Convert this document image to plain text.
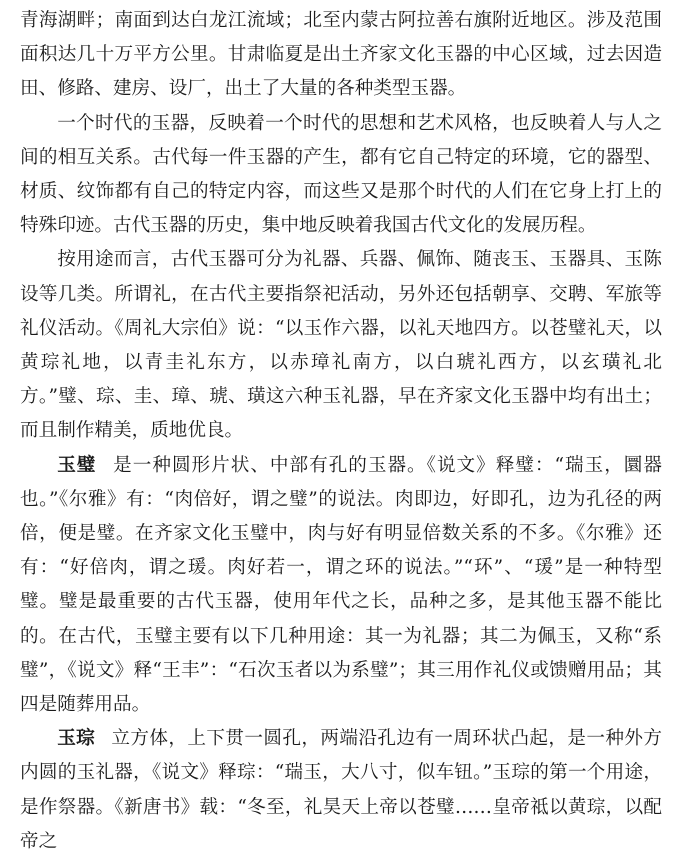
青海湖畔；南面到达白龙江流域；北至内蒙古阿拉善右旗附近地区。涉及范围面积达几十万平方公里。甘肃临夏是出土齐家文化玉器的中心区域，过去因造田、修路、建房、设厂，出土了大量的各种类型玉器。

一个时代的玉器，反映着一个时代的思想和艺术风格，也反映着人与人之间的相互关系。古代每一件玉器的产生，都有它自己特定的环境，它的器型、材质、纹饰都有自己的特定内容，而这些又是那个时代的人们在它身上打上的特殊印迹。古代玉器的历史，集中地反映着我国古代文化的发展历程。

按用途而言，古代玉器可分为礼器、兵器、佩饰、随丧玉、玉器具、玉陈设等几类。所谓礼，在古代主要指祭祀活动，另外还包括朝享、交聘、军旅等礼仪活动。《周礼大宗伯》说：“以玉作六器，以礼天地四方。以苍璧礼天，以黄琮礼地，以青圭礼东方，以赤璋礼南方，以白琥礼西方，以玄璜礼北方。”璧、琮、圭、璋、琥、璜这六种玉礼器，早在齐家文化玉器中均有出土；而且制作精美，质地优良。

玉璧 是一种圆形片状、中部有孔的玉器。《说文》释璧：“瑞玉，圜器也。”《尔雅》有：“肉倍好，谓之璧”的说法。肉即边，好即孔，边为孔径的两倍，便是璧。在齐家文化玉璧中，肉与好有明显倍数关系的不多。《尔雅》还有：“好倍肉，谓之瑗。肉好若一，谓之环的说法。”“环”、“瑗”是一种特型璧。璧是最重要的古代玉器，使用年代之长，品种之多，是其他玉器不能比的。在古代，玉璧主要有以下几种用途：其一为礼器；其二为佩玉，又称“系璧”，《说文》释“王丰”：“石次玉者以为系璧”；其三用作礼仪或馈赠用品；其四是随葬用品。

玉琮 立方体，上下贯一圆孔，两端沿孔边有一周环状凸起，是一种外方内圆的玉礼器，《说文》释琮：“瑞玉，大八寸，似车钮。”玉琮的第一个用途，是作祭器。《新唐书》载：“冬至，礼昊天上帝以苍璧……皇帝祗以黄琮，以配帝之
